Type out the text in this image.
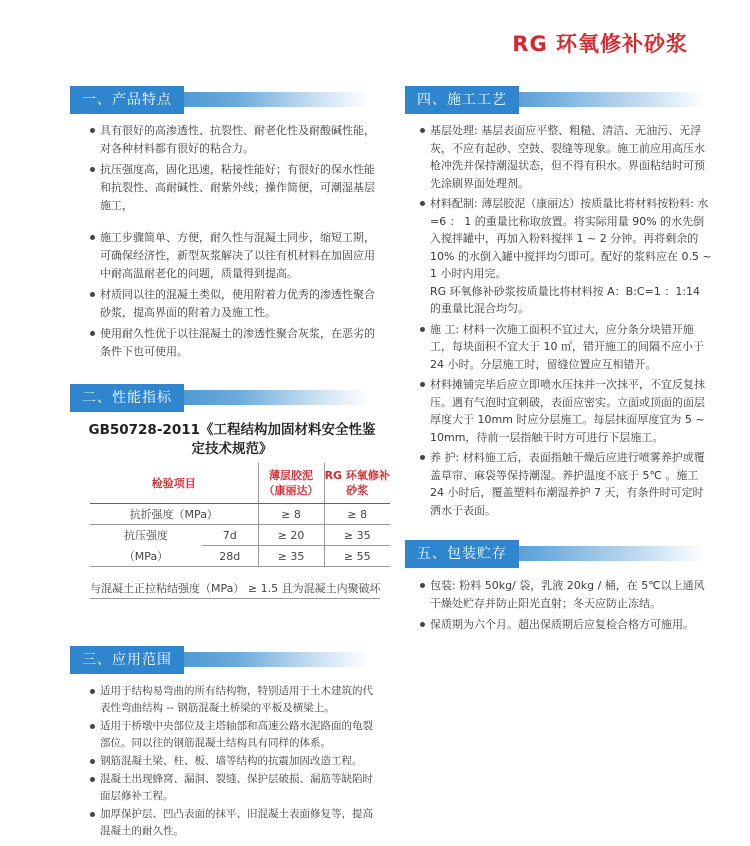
RG 环氧修补砂浆
一、产品特点
具有很好的高渗透性、抗裂性、耐老化性及耐酸碱性能，对各种材料都有很好的粘合力。
抗压强度高，固化迅速，粘接性能好；有很好的保水性能和抗裂性、高耐碱性、耐紫外线；操作简便，可潮湿基层施工，
施工步骤简单、方便，耐久性与混凝土同步，缩短工期，可确保经济性，新型灰浆解决了以往有机材料在加固应用中耐高温耐老化的问题，质量得到提高。
材质同以往的混凝土类似，使用附着力优秀的渗透性聚合砂浆，提高界面的附着力及施工性。
使用耐久性优于以往混凝土的渗透性聚合灰浆，在恶劣的条件下也可使用。
二、性能指标
GB50728-2011《工程结构加固材料安全性鉴定技术规范》
检验项目		薄层胶泥（康丽达）	RG 环氧修补砂浆
抗折强度（MPa）		≥ 8	≥ 8
抗压强度	7d	≥ 20	≥ 35
（MPa）	28d	≥ 35	≥ 55
与混凝土正拉粘结强度（MPa） ≥ 1.5 且为混凝土内聚破坏
三、应用范围
适用于结构易弯曲的所有结构物，特别适用于土木建筑的代表性弯曲结构 -- 钢筋混凝土桥梁的平板及横梁上。
适用于桥墩中央部位及主塔轴部和高速公路水泥路面的龟裂部位。同以往的钢筋混凝土结构具有同样的体系。
钢筋混凝土梁、柱、板、墙等结构的抗震加固改造工程。
混凝土出现蜂窝、漏洞、裂缝、保护层破损、漏筋等缺陷时面层修补工程。
加厚保护层、凹凸表面的抹平、旧混凝土表面修复等，提高混凝土的耐久性。
四、施工工艺
基层处理: 基层表面应平整、粗糙、清洁、无油污、无浮灰，不应有起砂、空鼓、裂缝等现象。施工前应用高压水枪冲洗并保持潮湿状态，但不得有积水。界面粘结时可预先涂刷界面处理剂。
材料配制: 薄层胶泥（康丽达）按质量比将材料按粉料: 水 =6 ： 1 的重量比称取放置。将实际用量 90% 的水先倒入搅拌罐中，再加入粉料搅拌 1 ~ 2 分钟。再将剩余的 10% 的水倒入罐中搅拌均匀即可。配好的浆料应在 0.5 ~ 1 小时内用完。
RG 环氧修补砂浆按质量比将材料按 A：B:C=1 ：1:14 的重量比混合均匀。
施 工: 材料一次施工面积不宜过大，应分条分块错开施工，每块面积不宜大于 10 ㎡，错开施工的间隔不应小于 24 小时。分层施工时，留缝位置应互相错开。
材料摊铺完毕后应立即喷水压抹并一次抹平，不宜反复抹压。遇有气泡时宜刺破，表面应密实。立面或顶面的面层厚度大于 10mm 时应分层施工。每层抹面厚度宜为 5 ~ 10mm，待前一层指触干时方可进行下层施工。
养 护: 材料施工后，表面指触干燥后应进行喷雾养护或覆盖草帘、麻袋等保持潮湿。养护温度不底于 5℃ 。施工 24 小时后，覆盖塑料布潮湿养护 7 天，有条件时可定时洒水于表面。
五、包装贮存
包装: 粉料 50kg/ 袋，乳液 20kg / 桶，在 5℃以上通风干燥处贮存并防止阳光直射；冬天应防止冻结。
保质期为六个月。超出保质期后应复检合格方可施用。
